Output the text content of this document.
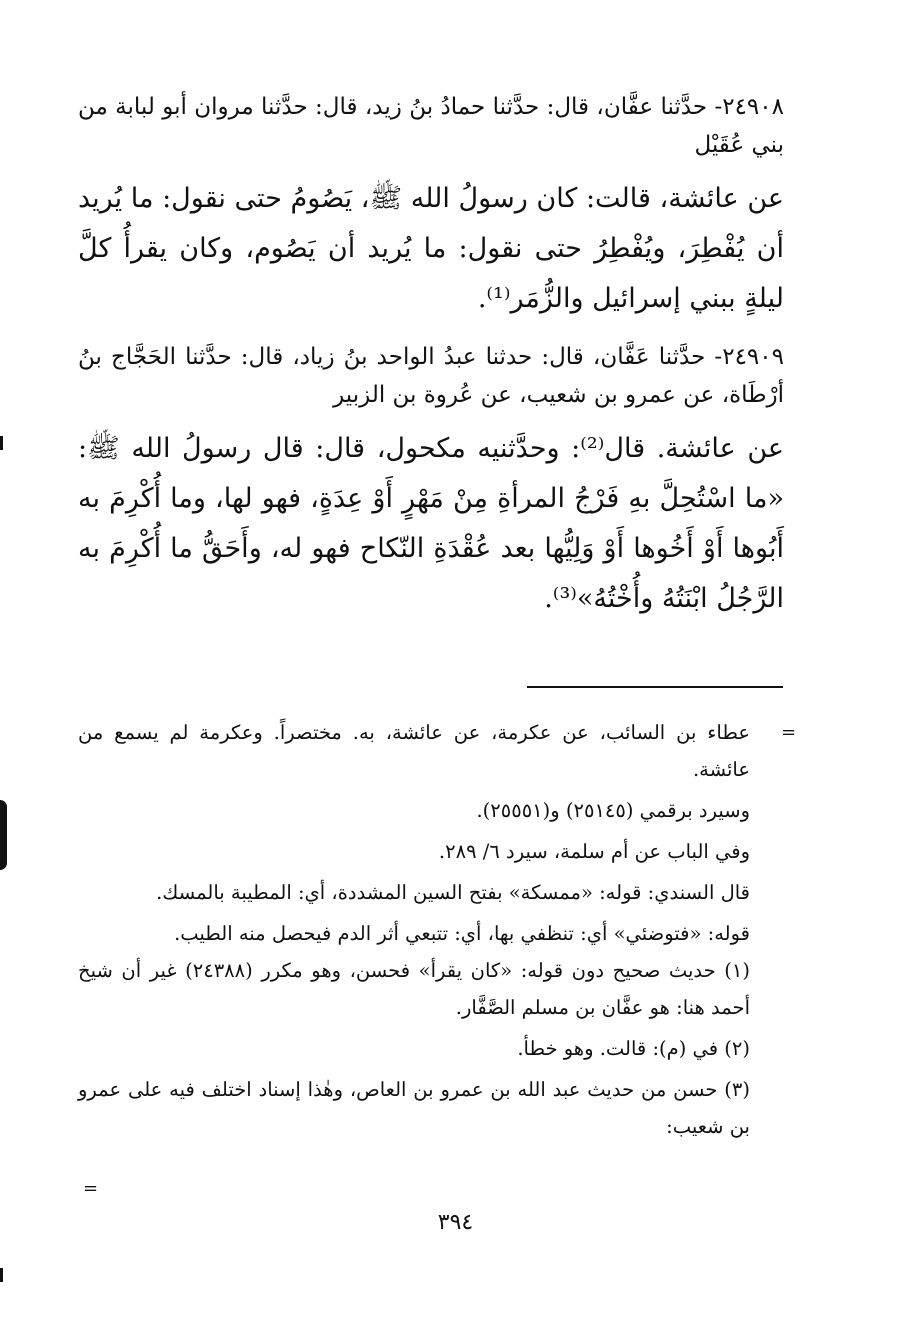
٢٤٩٠٨- حدَّثنا عفَّان، قال: حدَّثنا حمادُ بنُ زيد، قال: حدَّثنا مروان أبو لبابة من بني عُقَيْل

عن عائشة، قالت: كان رسولُ الله ﷺ، يَصُومُ حتى نقول: ما يُريد أن يُفْطِرَ، ويُفْطِرُ حتى نقول: ما يُريد أن يَصُوم، وكان يقرأُ كلَّ ليلةٍ ببني إسرائيل والزُّمَر⁽¹⁾.

٢٤٩٠٩- حدَّثنا عَفَّان، قال: حدثنا عبدُ الواحد بنُ زياد، قال: حدَّثنا الحَجَّاج بنُ أرْطَاة، عن عمرو بن شعيب، عن عُروة بن الزبير

عن عائشة. قال⁽²⁾: وحدَّثنيه مكحول، قال: قال رسولُ الله ﷺ: «ما اسْتُحِلَّ بهِ فَرْجُ المرأةِ مِنْ مَهْرٍ أَوْ عِدَةٍ، فهو لها، وما أُكْرِمَ به أَبُوها أَوْ أَخُوها أَوْ وَلِيُّها بعد عُقْدَةِ النّكاح فهو له، وأَحَقُّ ما أُكْرِمَ به الرَّجُلُ ابْنَتُهُ وأُخْتُهُ»⁽³⁾.

=

عطاء بن السائب، عن عكرمة، عن عائشة، به. مختصراً. وعكرمة لم يسمع من عائشة.

وسيرد برقمي (٢٥١٤٥) و(٢٥٥٥١).

وفي الباب عن أم سلمة، سيرد ٦/ ٢٨٩.

قال السندي: قوله: «ممسكة» بفتح السين المشددة، أي: المطيبة بالمسك.

قوله: «فتوضئي» أي: تنظفي بها، أي: تتبعي أثر الدم فيحصل منه الطيب.

(١) حديث صحيح دون قوله: «كان يقرأ» فحسن، وهو مكرر (٢٤٣٨٨) غير أن شيخ أحمد هنا: هو عفَّان بن مسلم الصَّفَّار.

(٢) في (م): قالت. وهو خطأ.

(٣) حسن من حديث عبد الله بن عمرو بن العاص، وهٰذا إسناد اختلف فيه على عمرو بن شعيب:

=
٣٩٤
